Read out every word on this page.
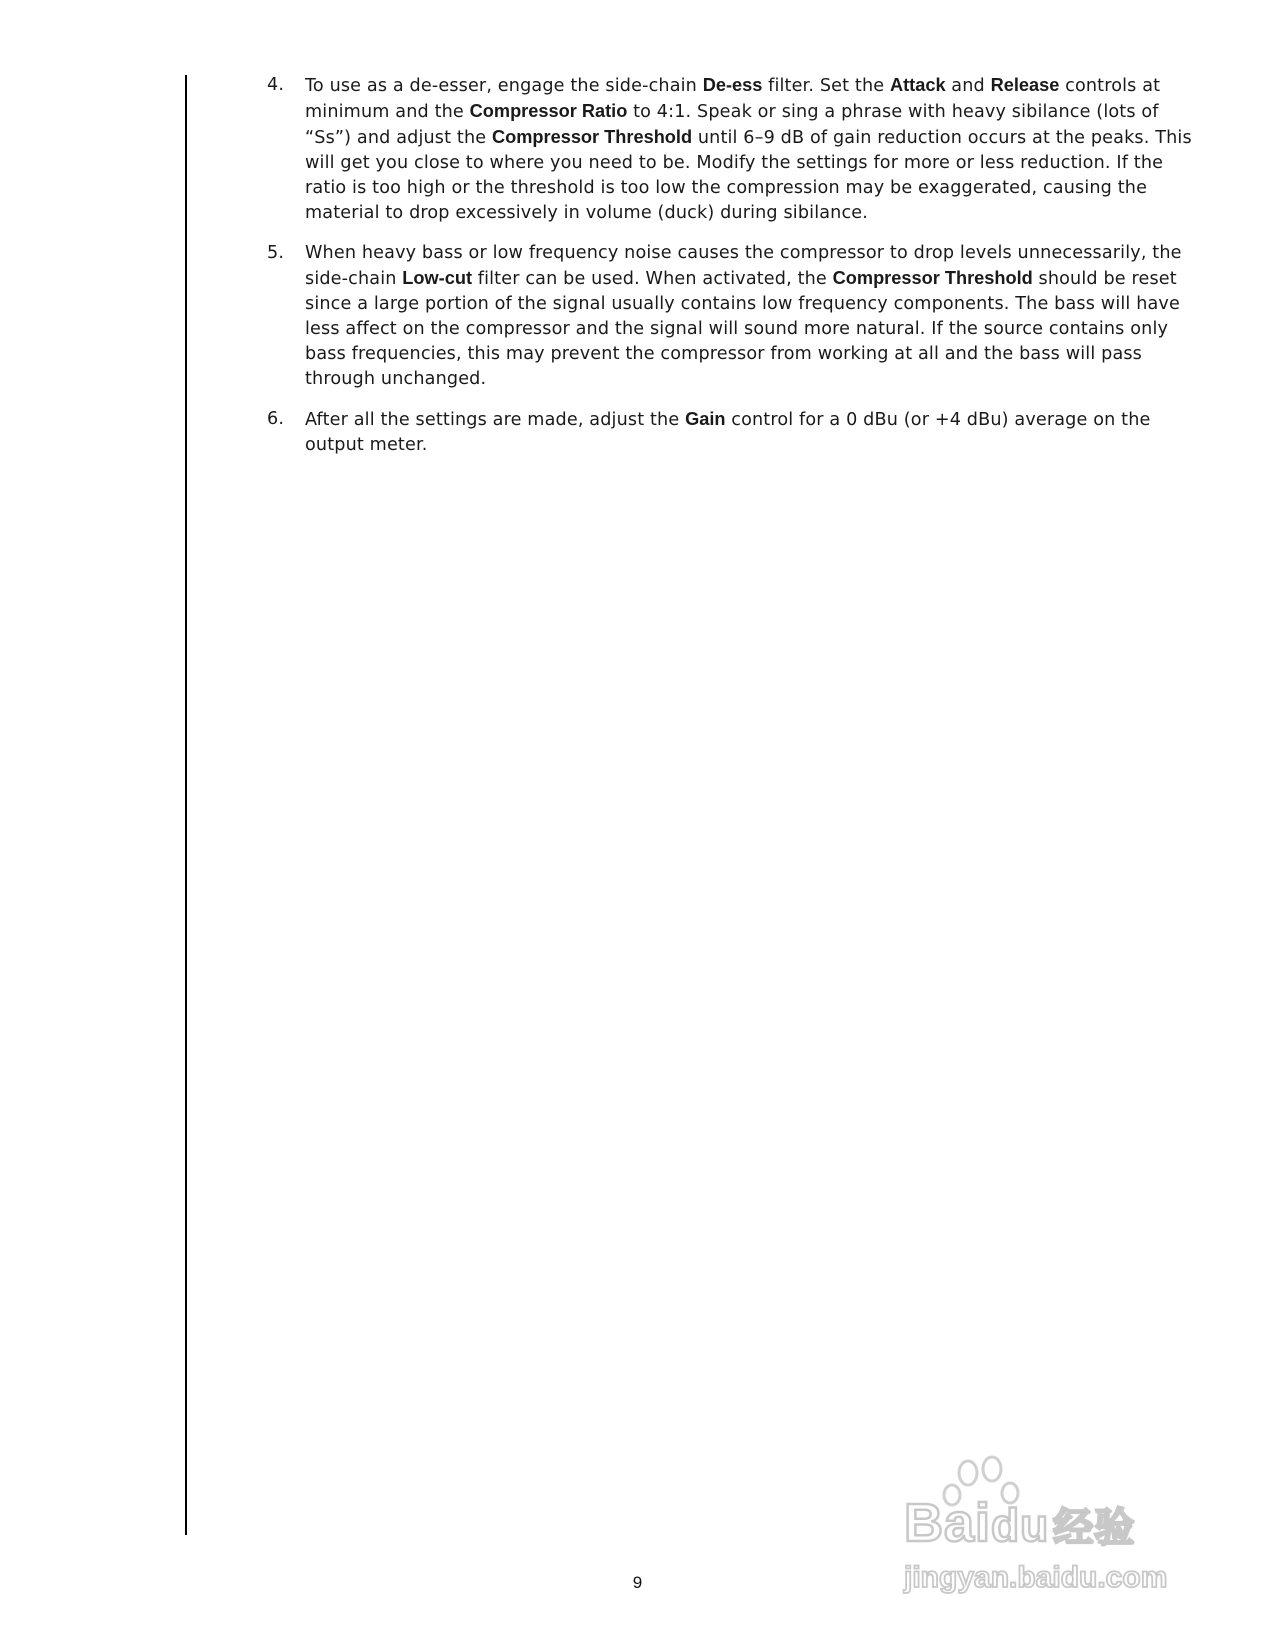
4. To use as a de-esser, engage the side-chain De-ess filter. Set the Attack and Release controls at minimum and the Compressor Ratio to 4:1. Speak or sing a phrase with heavy sibilance (lots of “Ss”) and adjust the Compressor Threshold until 6–9 dB of gain reduction occurs at the peaks. This will get you close to where you need to be. Modify the settings for more or less reduction. If the ratio is too high or the threshold is too low the compression may be exaggerated, causing the material to drop excessively in volume (duck) during sibilance.
5. When heavy bass or low frequency noise causes the compressor to drop levels unnecessarily, the side-chain Low-cut filter can be used. When activated, the Compressor Threshold should be reset since a large portion of the signal usually contains low frequency components. The bass will have less affect on the compressor and the signal will sound more natural. If the source contains only bass frequencies, this may prevent the compressor from working at all and the bass will pass through unchanged.
6. After all the settings are made, adjust the Gain control for a 0 dBu (or +4 dBu) average on the output meter.
9
Baidu 经验
jingyan.baidu.com
